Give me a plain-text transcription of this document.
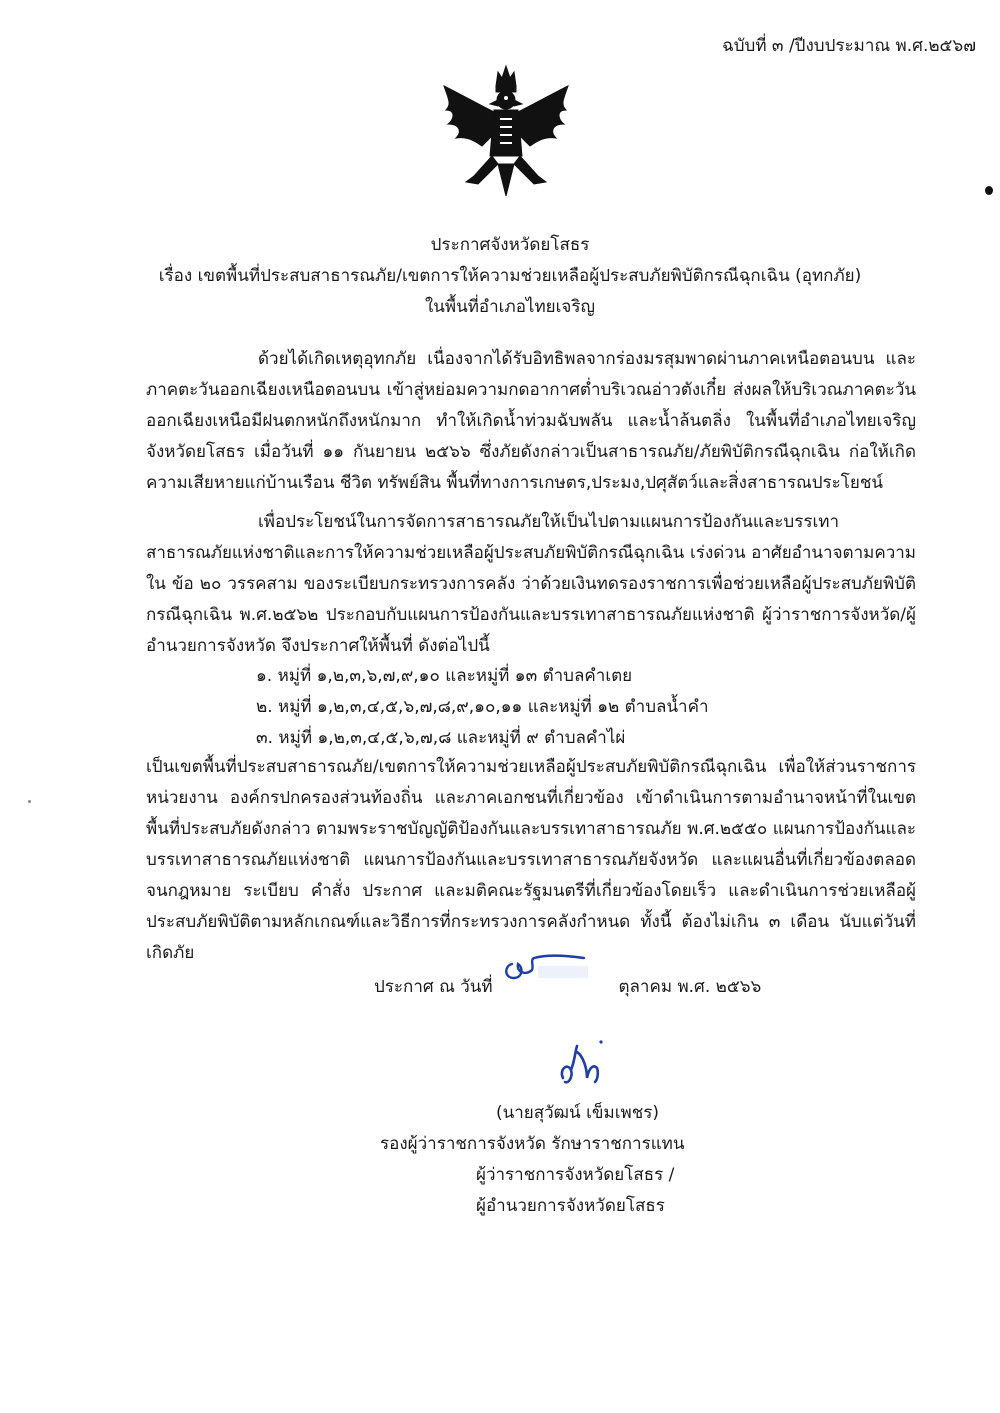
ฉบับที่ ๓ /ปีงบประมาณ พ.ศ.๒๕๖๗
ประกาศจังหวัดยโสธร
เรื่อง เขตพื้นที่ประสบสาธารณภัย/เขตการให้ความช่วยเหลือผู้ประสบภัยพิบัติกรณีฉุกเฉิน (อุทกภัย)
ในพื้นที่อำเภอไทยเจริญ

ด้วยได้เกิดเหตุอุทกภัย เนื่องจากได้รับอิทธิพลจากร่องมรสุมพาดผ่านภาคเหนือตอนบน และภาคตะวันออกเฉียงเหนือตอนบน เข้าสู่หย่อมความกดอากาศต่ำบริเวณอ่าวตังเกี๋ย ส่งผลให้บริเวณภาคตะวันออกเฉียงเหนือมีฝนตกหนักถึงหนักมาก ทำให้เกิดน้ำท่วมฉับพลัน และน้ำล้นตลิ่ง ในพื้นที่อำเภอไทยเจริญ จังหวัดยโสธร เมื่อวันที่ ๑๑ กันยายน ๒๕๖๖ ซึ่งภัยดังกล่าวเป็นสาธารณภัย/ภัยพิบัติกรณีฉุกเฉิน ก่อให้เกิดความเสียหายแก่บ้านเรือน ชีวิต ทรัพย์สิน พื้นที่ทางการเกษตร,ประมง,ปศุสัตว์และสิ่งสาธารณประโยชน์

เพื่อประโยชน์ในการจัดการสาธารณภัยให้เป็นไปตามแผนการป้องกันและบรรเทาสาธารณภัยแห่งชาติและการให้ความช่วยเหลือผู้ประสบภัยพิบัติกรณีฉุกเฉิน เร่งด่วน อาศัยอำนาจตามความใน ข้อ ๒๐ วรรคสาม ของระเบียบกระทรวงการคลัง ว่าด้วยเงินทดรองราชการเพื่อช่วยเหลือผู้ประสบภัยพิบัติกรณีฉุกเฉิน พ.ศ.๒๕๖๒ ประกอบกับแผนการป้องกันและบรรเทาสาธารณภัยแห่งชาติ ผู้ว่าราชการจังหวัด/ผู้อำนวยการจังหวัด จึงประกาศให้พื้นที่ ดังต่อไปนี้

๑. หมู่ที่ ๑,๒,๓,๖,๗,๙,๑๐ และหมู่ที่ ๑๓ ตำบลคำเตย
๒. หมู่ที่ ๑,๒,๓,๔,๕,๖,๗,๘,๙,๑๐,๑๑ และหมู่ที่ ๑๒ ตำบลน้ำคำ
๓. หมู่ที่ ๑,๒,๓,๔,๕,๖,๗,๘ และหมู่ที่ ๙ ตำบลคำไผ่

เป็นเขตพื้นที่ประสบสาธารณภัย/เขตการให้ความช่วยเหลือผู้ประสบภัยพิบัติกรณีฉุกเฉิน เพื่อให้ส่วนราชการ หน่วยงาน องค์กรปกครองส่วนท้องถิ่น และภาคเอกชนที่เกี่ยวข้อง เข้าดำเนินการตามอำนาจหน้าที่ในเขตพื้นที่ประสบภัยดังกล่าว ตามพระราชบัญญัติป้องกันและบรรเทาสาธารณภัย พ.ศ.๒๕๕๐ แผนการป้องกันและบรรเทาสาธารณภัยแห่งชาติ แผนการป้องกันและบรรเทาสาธารณภัยจังหวัด และแผนอื่นที่เกี่ยวข้องตลอดจนกฎหมาย ระเบียบ คำสั่ง ประกาศ และมติคณะรัฐมนตรีที่เกี่ยวข้องโดยเร็ว และดำเนินการช่วยเหลือผู้ประสบภัยพิบัติตามหลักเกณฑ์และวิธีการที่กระทรวงการคลังกำหนด ทั้งนี้ ต้องไม่เกิน ๓ เดือน นับแต่วันที่เกิดภัย

ประกาศ ณ วันที่	ตุลาคม พ.ศ. ๒๕๖๖
(นายสุวัฒน์ เข็มเพชร)
รองผู้ว่าราชการจังหวัด รักษาราชการแทน
ผู้ว่าราชการจังหวัดยโสธร /
ผู้อำนวยการจังหวัดยโสธร
